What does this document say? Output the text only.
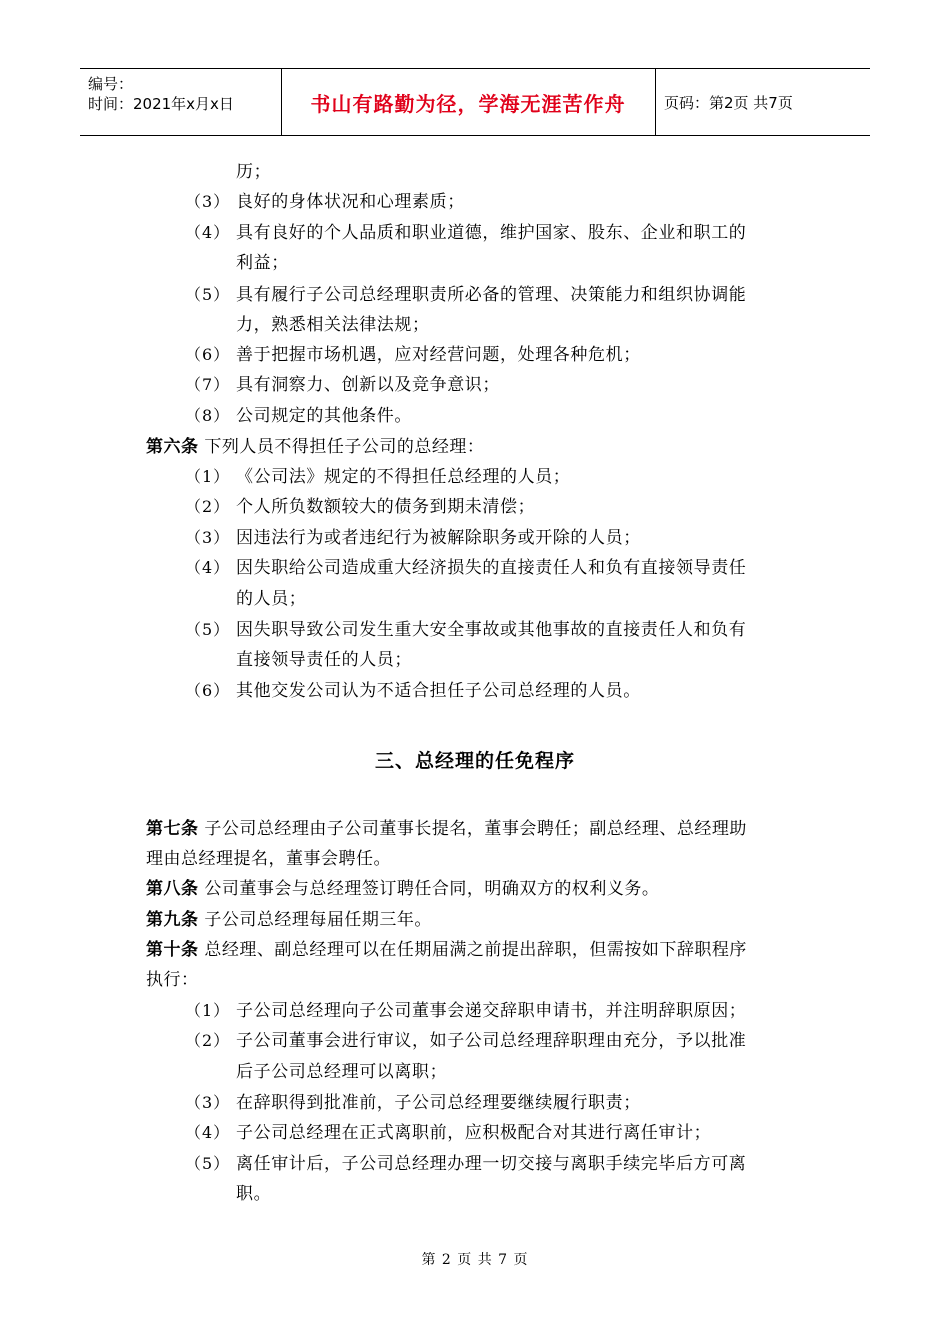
编号：
时间：2021年x月x日	书山有路勤为径，学海无涯苦作舟	页码：第2页 共7页
历；
（3） 良好的身体状况和心理素质；
（4） 具有良好的个人品质和职业道德，维护国家、股东、企业和职工的
利益；
（5） 具有履行子公司总经理职责所必备的管理、决策能力和组织协调能
力，熟悉相关法律法规；
（6） 善于把握市场机遇，应对经营问题，处理各种危机；
（7） 具有洞察力、创新以及竞争意识；
（8） 公司规定的其他条件。
第六条 下列人员不得担任子公司的总经理：
（1） 《公司法》规定的不得担任总经理的人员；
（2） 个人所负数额较大的债务到期未清偿；
（3） 因违法行为或者违纪行为被解除职务或开除的人员；
（4） 因失职给公司造成重大经济损失的直接责任人和负有直接领导责任
的人员；
（5） 因失职导致公司发生重大安全事故或其他事故的直接责任人和负有
直接领导责任的人员；
（6） 其他交发公司认为不适合担任子公司总经理的人员。
三、总经理的任免程序
第七条 子公司总经理由子公司董事长提名，董事会聘任；副总经理、总经理助
理由总经理提名，董事会聘任。
第八条 公司董事会与总经理签订聘任合同，明确双方的权利义务。
第九条 子公司总经理每届任期三年。
第十条 总经理、副总经理可以在任期届满之前提出辞职，但需按如下辞职程序
执行：
（1） 子公司总经理向子公司董事会递交辞职申请书，并注明辞职原因；
（2） 子公司董事会进行审议，如子公司总经理辞职理由充分，予以批准
后子公司总经理可以离职；
（3） 在辞职得到批准前，子公司总经理要继续履行职责；
（4） 子公司总经理在正式离职前，应积极配合对其进行离任审计；
（5） 离任审计后，子公司总经理办理一切交接与离职手续完毕后方可离
职。
第 2 页 共 7 页
